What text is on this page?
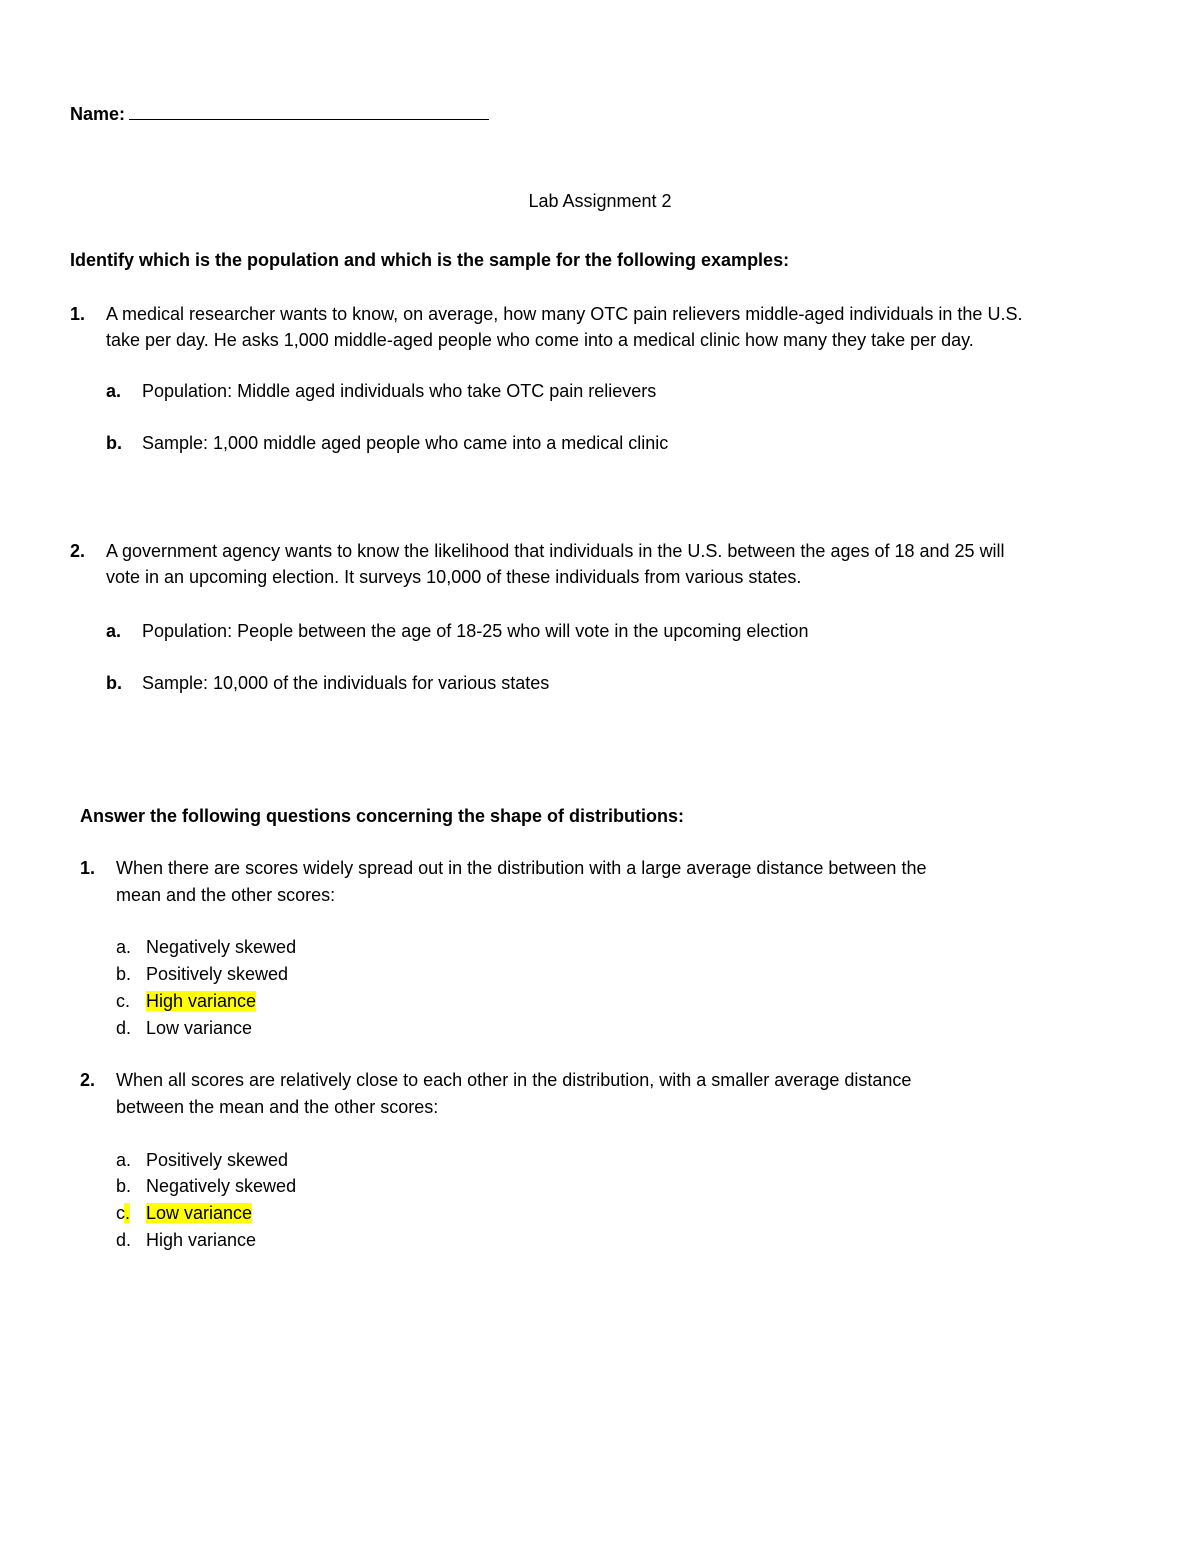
Name:
Lab Assignment 2
Identify which is the population and which is the sample for the following examples:
1. A medical researcher wants to know, on average, how many OTC pain relievers middle-aged individuals in the U.S.
take per day. He asks 1,000 middle-aged people who come into a medical clinic how many they take per day.
a. Population: Middle aged individuals who take OTC pain relievers
b. Sample: 1,000 middle aged people who came into a medical clinic
2. A government agency wants to know the likelihood that individuals in the U.S. between the ages of 18 and 25 will
vote in an upcoming election. It surveys 10,000 of these individuals from various states.
a. Population: People between the age of 18-25 who will vote in the upcoming election
b. Sample: 10,000 of the individuals for various states
Answer the following questions concerning the shape of distributions:
1. When there are scores widely spread out in the distribution with a large average distance between the
mean and the other scores:
a. Negatively skewed
b. Positively skewed
c. High variance
d. Low variance
2. When all scores are relatively close to each other in the distribution, with a smaller average distance
between the mean and the other scores:
a. Positively skewed
b. Negatively skewed
c. Low variance
d. High variance
